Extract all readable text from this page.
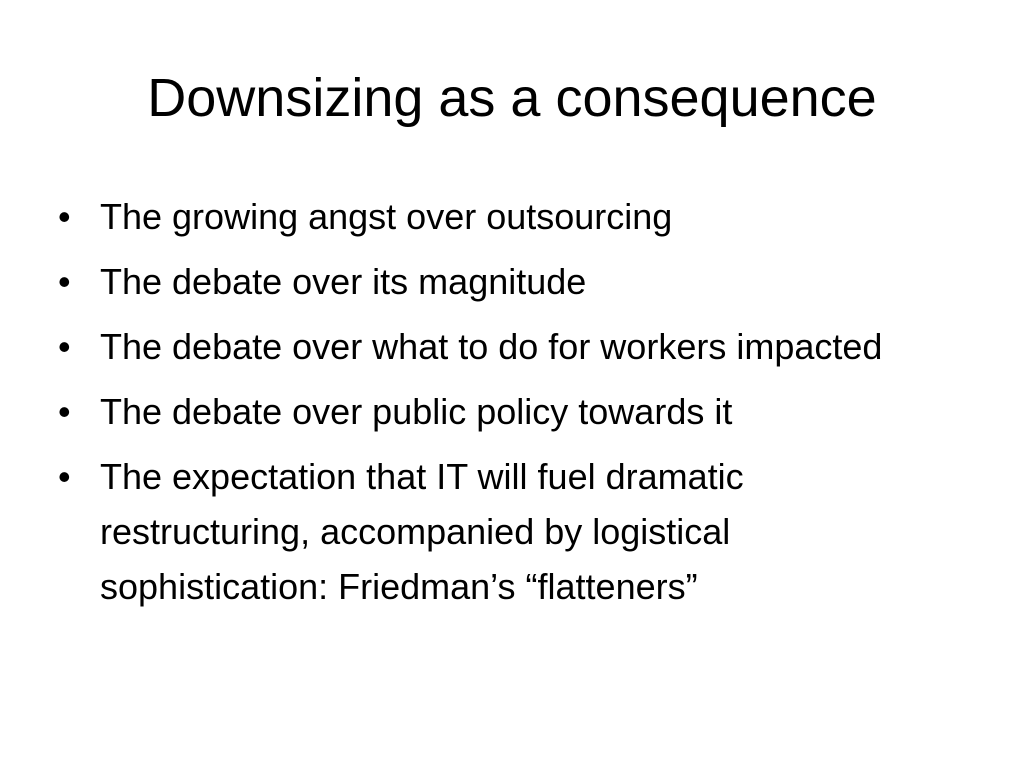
Downsizing as a consequence
• The growing angst over outsourcing
• The debate over its magnitude
• The debate over what to do for workers impacted
• The debate over public policy towards it
• The expectation that IT will fuel dramatic restructuring, accompanied by logistical sophistication: Friedman’s “flatteners”
